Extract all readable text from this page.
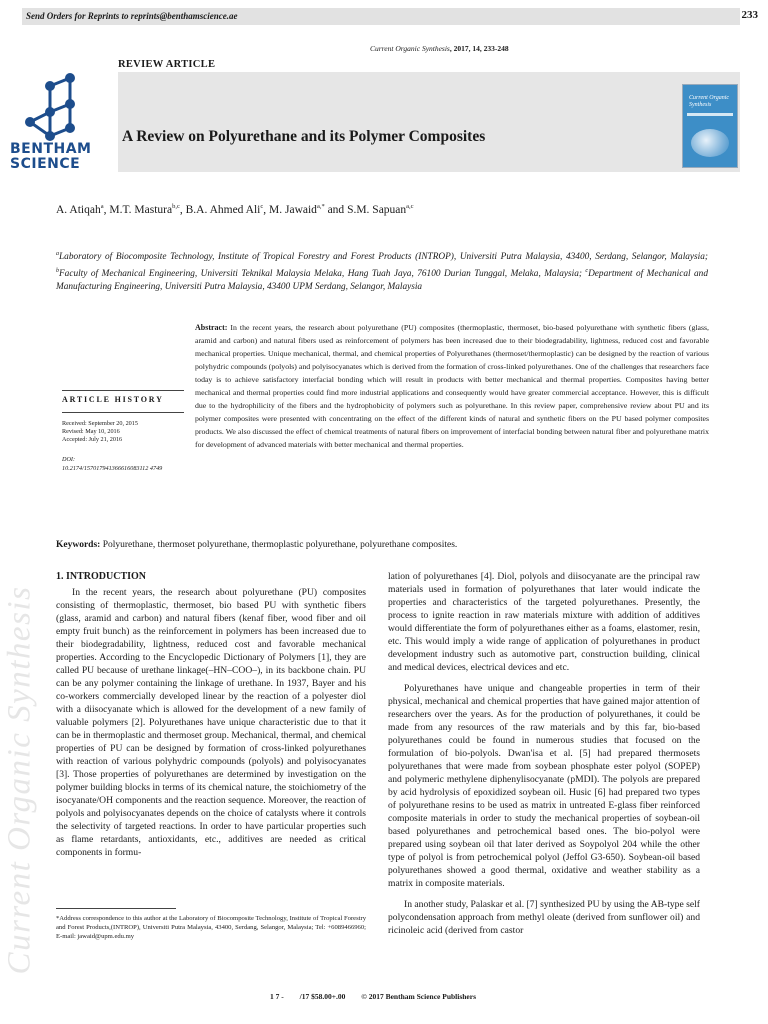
Send Orders for Reprints to reprints@benthamscience.ae	233
Current Organic Synthesis, 2017, 14, 233-248
REVIEW ARTICLE
BENTHAM
SCIENCE
A Review on Polyurethane and its Polymer Composites
Current Organic Synthesis
A. Atiqah$^a$, M.T. Mastura$^{b,c}$, B.A. Ahmed Ali$^c$, M. Jawaid$^{a,*}$ and S.M. Sapuan$^{a,c}$
$^a$Laboratory of Biocomposite Technology, Institute of Tropical Forestry and Forest Products (INTROP), Universiti Putra Malaysia, 43400, Serdang, Selangor, Malaysia; $^b$Faculty of Mechanical Engineering, Universiti Teknikal Malaysia Melaka, Hang Tuah Jaya, 76100 Durian Tunggal, Melaka, Malaysia; $^c$Department of Mechanical and Manufacturing Engineering, Universiti Putra Malaysia, 43400 UPM Serdang, Selangor, Malaysia
ARTICLE HISTORY
Received: September 20, 2015
Revised: May 10, 2016
Accepted: July 21, 2016
DOI:
10.2174/157017941366616083112 4749
Abstract: In the recent years, the research about polyurethane (PU) composites (thermoplastic, thermoset, bio-based polyurethane with synthetic fibers (glass, aramid and carbon) and natural fibers used as reinforcement of polymers has been increased due to their biodegradability, lightness, reduced cost and favorable mechanical properties. Unique mechanical, thermal, and chemical properties of Polyurethanes (thermoset/thermoplastic) can be designed by the reaction of various polyhydric compounds (polyols) and polyisocyanates which is derived from the formation of cross-linked polyurethanes. One of the challenges that researchers face today is to achieve satisfactory interfacial bonding which will result in products with better mechanical and thermal properties. Composites having better mechanical and thermal properties could find more industrial applications and consequently would have greater commercial acceptance. However, this is difficult due to the hydrophilicity of the fibers and the hydrophobicity of polymers such as polyurethane. In this review paper, comprehensive review about PU and its polymer composites were presented with concentrating on the effect of the different kinds of natural and synthetic fibers on the PU based polymer composites products. We also discussed the effect of chemical treatments of natural fibers on improvement of interfacial bonding between natural fiber and polyurethane matrix for development of advanced materials with better mechanical and thermal properties.
Keywords: Polyurethane, thermoset polyurethane, thermoplastic polyurethane, polyurethane composites.
Current Organic Synthesis
1. INTRODUCTION

In the recent years, the research about polyurethane (PU) composites consisting of thermoplastic, thermoset, bio based PU with synthetic fibers (glass, aramid and carbon) and natural fibers (kenaf fiber, wood fiber and oil empty fruit bunch) as the reinforcement in polymers has been increased due to their biodegradability, lightness, reduced cost and favorable mechanical properties. According to the Encyclopedic Dictionary of Polymers [1], they are called PU because of urethane linkage(–HN–COO–), in its backbone chain. PU can be any polymer containing the linkage of urethane. In 1937, Bayer and his co-workers commercially developed linear by the reaction of a polyester diol with a diisocyanate which is allowed for the development of a new family of valuable polymers [2]. Polyurethanes have unique characteristic due to that it can be in thermoplastic and thermoset group. Mechanical, thermal, and chemical properties of PU can be designed by formation of cross-linked polyurethanes with reaction of various polyhydric compounds (polyols) and polyisocyanates [3]. Those properties of polyurethanes are determined by investigation on the polymer building blocks in terms of its chemical nature, the stoichiometry of the isocyanate/OH components and the reaction sequence. Moreover, the reaction of polyols and polyisocyanates depends on the choice of catalysts where it controls the selectivity of targeted reactions. In order to have particular properties such as flame retardants, antioxidants, etc., additives are needed as critical components in formu-

lation of polyurethanes [4]. Diol, polyols and diisocyanate are the principal raw materials used in formation of polyurethanes that later would indicate the properties and characteristics of the targeted polyurethanes. Presently, the process to ignite reaction in raw materials mixture with addition of additives would differentiate the form of polyurethanes either as a foams, elastomer, resin, etc. This would imply a wide range of application of polyurethanes in product development industry such as automotive part, construction building, clinical and medical devices, electrical devices and etc.

Polyurethanes have unique and changeable properties in term of their physical, mechanical and chemical properties that have gained major attention of researchers over the years. As for the production of polyurethanes, it could be made from any resources of the raw materials and by this far, bio-based polyurethanes could be found in numerous studies that focused on the formulation of bio-polyols. Dwan'isa et al. [5] had prepared thermosets polyurethanes that were made from soybean phosphate ester polyol (SOPEP) and polymeric methylene diphenylisocyanate (pMDI). The polyols are prepared by acid hydrolysis of epoxidized soybean oil. Husic [6] had prepared two types of polyurethane resins to be used as matrix in untreated E-glass fiber reinforced composite materials in order to study the mechanical properties of soybean-oil based polyurethanes and petrochemical based ones. The bio-polyol were prepared using soybean oil that later derived as Soypolyol 204 while the other type of polyol is from petrochemical polyol (Jeffol G3-650). Soybean-oil based polyurethanes showed a good thermal, oxidative and weather stability as a matrix in composite materials.

In another study, Palaskar et al. [7] synthesized PU by using the AB-type self polycondensation approach from methyl oleate (derived from sunflower oil) and ricinoleic acid (derived from castor

*Address correspondence to this author at the Laboratory of Biocomposite Technology, Institute of Tropical Forestry and Forest Products,(INTROP), Universiti Putra Malaysia, 43400, Serdang, Selangor, Malaysia; Tel: +6089466960; E-mail: jawaid@upm.edu.my
1 7 - /17 $58.00+.00 © 2017 Bentham Science Publishers
